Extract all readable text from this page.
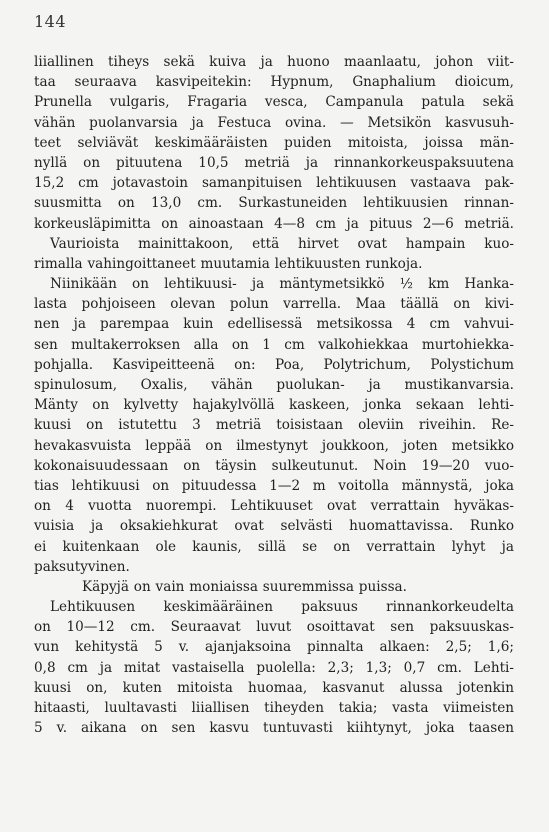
144
liiallinen tiheys sekä kuiva ja huono maanlaatu, johon viit-
taa seuraava kasvipeitekin: Hypnum, Gnaphalium dioicum,
Prunella vulgaris, Fragaria vesca, Campanula patula sekä
vähän puolanvarsia ja Festuca ovina. — Metsikön kasvusuh-
teet selviävät keskimääräisten puiden mitoista, joissa män-
nyllä on pituutena 10,5 metriä ja rinnankorkeuspaksuutena
15,2 cm jotavastoin samanpituisen lehtikuusen vastaava pak-
suusmitta on 13,0 cm. Surkastuneiden lehtikuusien rinnan-
korkeusläpimitta on ainoastaan 4—8 cm ja pituus 2—6 metriä.
Vaurioista mainittakoon, että hirvet ovat hampain kuo-
rimalla vahingoittaneet muutamia lehtikuusten runkoja.
Niinikään on lehtikuusi- ja mäntymetsikkö ½ km Hanka-
lasta pohjoiseen olevan polun varrella. Maa täällä on kivi-
nen ja parempaa kuin edellisessä metsikossa 4 cm vahvui-
sen multakerroksen alla on 1 cm valkohiekkaa murtohiekka-
pohjalla. Kasvipeitteenä on: Poa, Polytrichum, Polystichum
spinulosum, Oxalis, vähän puolukan- ja mustikanvarsia.
Mänty on kylvetty hajakylvöllä kaskeen, jonka sekaan lehti-
kuusi on istutettu 3 metriä toisistaan oleviin riveihin. Re-
hevakasvuista leppää on ilmestynyt joukkoon, joten metsikko
kokonaisuudessaan on täysin sulkeutunut. Noin 19—20 vuo-
tias lehtikuusi on pituudessa 1—2 m voitolla männystä, joka
on 4 vuotta nuorempi. Lehtikuuset ovat verrattain hyväkas-
vuisia ja oksakiehkurat ovat selvästi huomattavissa. Runko
ei kuitenkaan ole kaunis, sillä se on verrattain lyhyt ja
paksutyvinen.
Käpyjä on vain moniaissa suuremmissa puissa.
Lehtikuusen keskimääräinen paksuus rinnankorkeudelta
on 10—12 cm. Seuraavat luvut osoittavat sen paksuuskas-
vun kehitystä 5 v. ajanjaksoina pinnalta alkaen: 2,5; 1,6;
0,8 cm ja mitat vastaisella puolella: 2,3; 1,3; 0,7 cm. Lehti-
kuusi on, kuten mitoista huomaa, kasvanut alussa jotenkin
hitaasti, luultavasti liiallisen tiheyden takia; vasta viimeisten
5 v. aikana on sen kasvu tuntuvasti kiihtynyt, joka taasen
